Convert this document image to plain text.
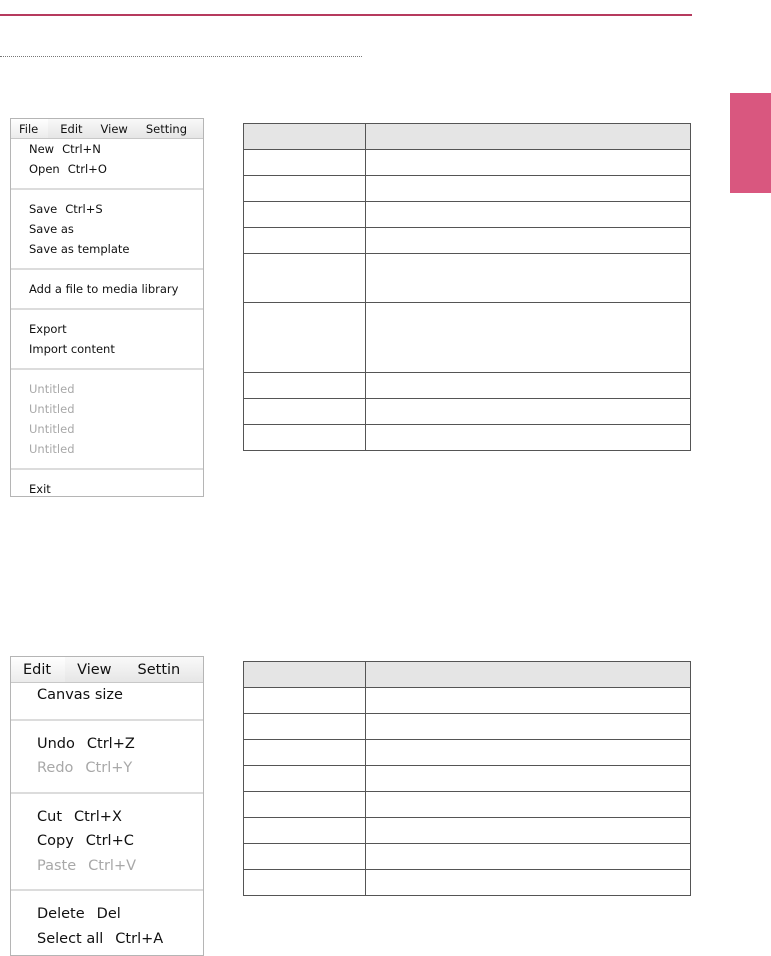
File	Edit	View	Setting
New Ctrl+N
Open Ctrl+O
Save Ctrl+S
Save as
Save as template
Add a file to media library
Export
Import content
Untitled
Untitled
Untitled
Untitled
Exit

Edit	View	Settin
Canvas size
Undo Ctrl+Z
Redo Ctrl+Y
Cut Ctrl+X
Copy Ctrl+C
Paste Ctrl+V
Delete Del
Select all Ctrl+A
